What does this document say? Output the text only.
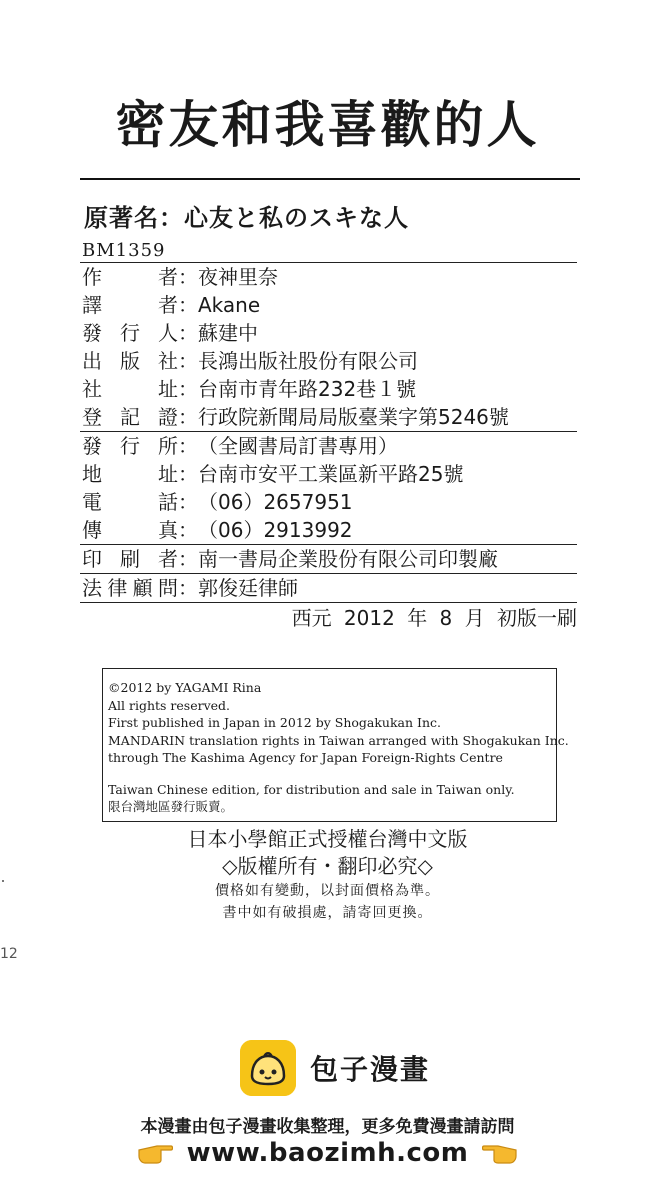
密友和我喜歡的人
原著名：心友と私のスキな人
BM1359
作	者 ： 夜神里奈
譯	者 ： Akane
發 行 人 ： 蘇建中
出 版 社 ： 長鴻出版社股份有限公司
社	址 ： 台南市青年路232巷１號
登 記 證 ： 行政院新聞局局版臺業字第5246號
發 行 所 ： （全國書局訂書專用）
地	址 ： 台南市安平工業區新平路25號
電	話 ： （06）2657951
傳	真 ： （06）2913992
印 刷 者 ： 南一書局企業股份有限公司印製廠
法 律 顧 問 ： 郭俊廷律師
西元 2012 年 8 月 初版一刷
©2012 by YAGAMI Rina
All rights reserved.
First published in Japan in 2012 by Shogakukan Inc.
MANDARIN translation rights in Taiwan arranged with Shogakukan Inc.
through The Kashima Agency for Japan Foreign-Rights Centre
Taiwan Chinese edition, for distribution and sale in Taiwan only.
限台灣地區發行販賣。
日本小學館正式授權台灣中文版
◇版權所有・翻印必究◇
價格如有變動，以封面價格為準。
書中如有破損處，請寄回更換。
12
包子漫畫
本漫畫由包子漫畫收集整理，更多免費漫畫請訪問
www.baozimh.com
